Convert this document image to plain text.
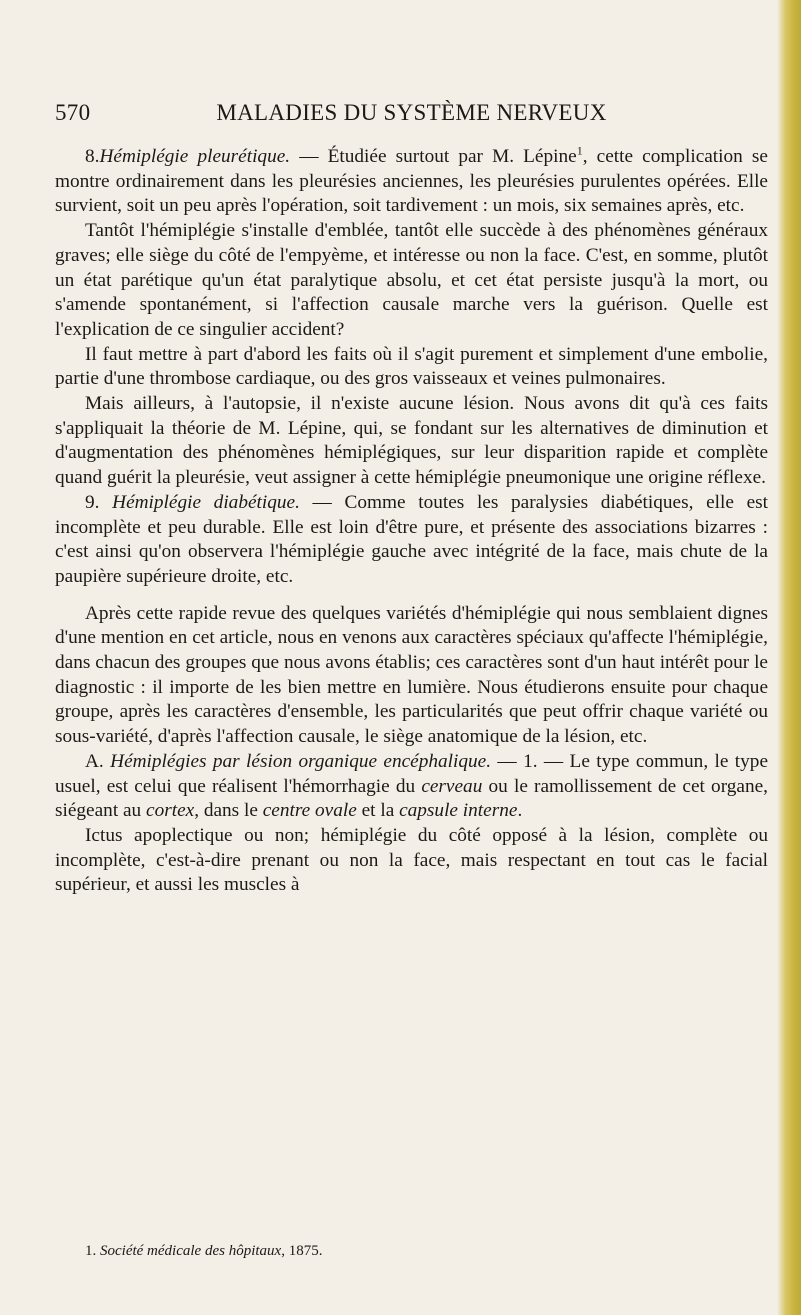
570	MALADIES DU SYSTÈME NERVEUX

8.Hémiplégie pleurétique. — Étudiée surtout par M. Lépine$^1$, cette complication se montre ordinairement dans les pleurésies anciennes, les pleurésies purulentes opérées. Elle survient, soit un peu après l'opération, soit tardivement : un mois, six semaines après, etc.

Tantôt l'hémiplégie s'installe d'emblée, tantôt elle succède à des phénomènes généraux graves; elle siège du côté de l'empyème, et intéresse ou non la face. C'est, en somme, plutôt un état parétique qu'un état paralytique absolu, et cet état persiste jusqu'à la mort, ou s'amende spontanément, si l'affection causale marche vers la guérison. Quelle est l'explication de ce singulier accident?

Il faut mettre à part d'abord les faits où il s'agit purement et simplement d'une embolie, partie d'une thrombose cardiaque, ou des gros vaisseaux et veines pulmonaires.

Mais ailleurs, à l'autopsie, il n'existe aucune lésion. Nous avons dit qu'à ces faits s'appliquait la théorie de M. Lépine, qui, se fondant sur les alternatives de diminution et d'augmentation des phénomènes hémiplégiques, sur leur disparition rapide et complète quand guérit la pleurésie, veut assigner à cette hémiplégie pneumonique une origine réflexe.

9. Hémiplégie diabétique. — Comme toutes les paralysies diabétiques, elle est incomplète et peu durable. Elle est loin d'être pure, et présente des associations bizarres : c'est ainsi qu'on observera l'hémiplégie gauche avec intégrité de la face, mais chute de la paupière supérieure droite, etc.

Après cette rapide revue des quelques variétés d'hémiplégie qui nous semblaient dignes d'une mention en cet article, nous en venons aux caractères spéciaux qu'affecte l'hémiplégie, dans chacun des groupes que nous avons établis; ces caractères sont d'un haut intérêt pour le diagnostic : il importe de les bien mettre en lumière. Nous étudierons ensuite pour chaque groupe, après les caractères d'ensemble, les particularités que peut offrir chaque variété ou sous-variété, d'après l'affection causale, le siège anatomique de la lésion, etc.

A. Hémiplégies par lésion organique encéphalique. — 1. — Le type commun, le type usuel, est celui que réalisent l'hémorrhagie du cerveau ou le ramollissement de cet organe, siégeant au cortex, dans le centre ovale et la capsule interne.

Ictus apoplectique ou non; hémiplégie du côté opposé à la lésion, complète ou incomplète, c'est-à-dire prenant ou non la face, mais respectant en tout cas le facial supérieur, et aussi les muscles à

1. Société médicale des hôpitaux, 1875.
